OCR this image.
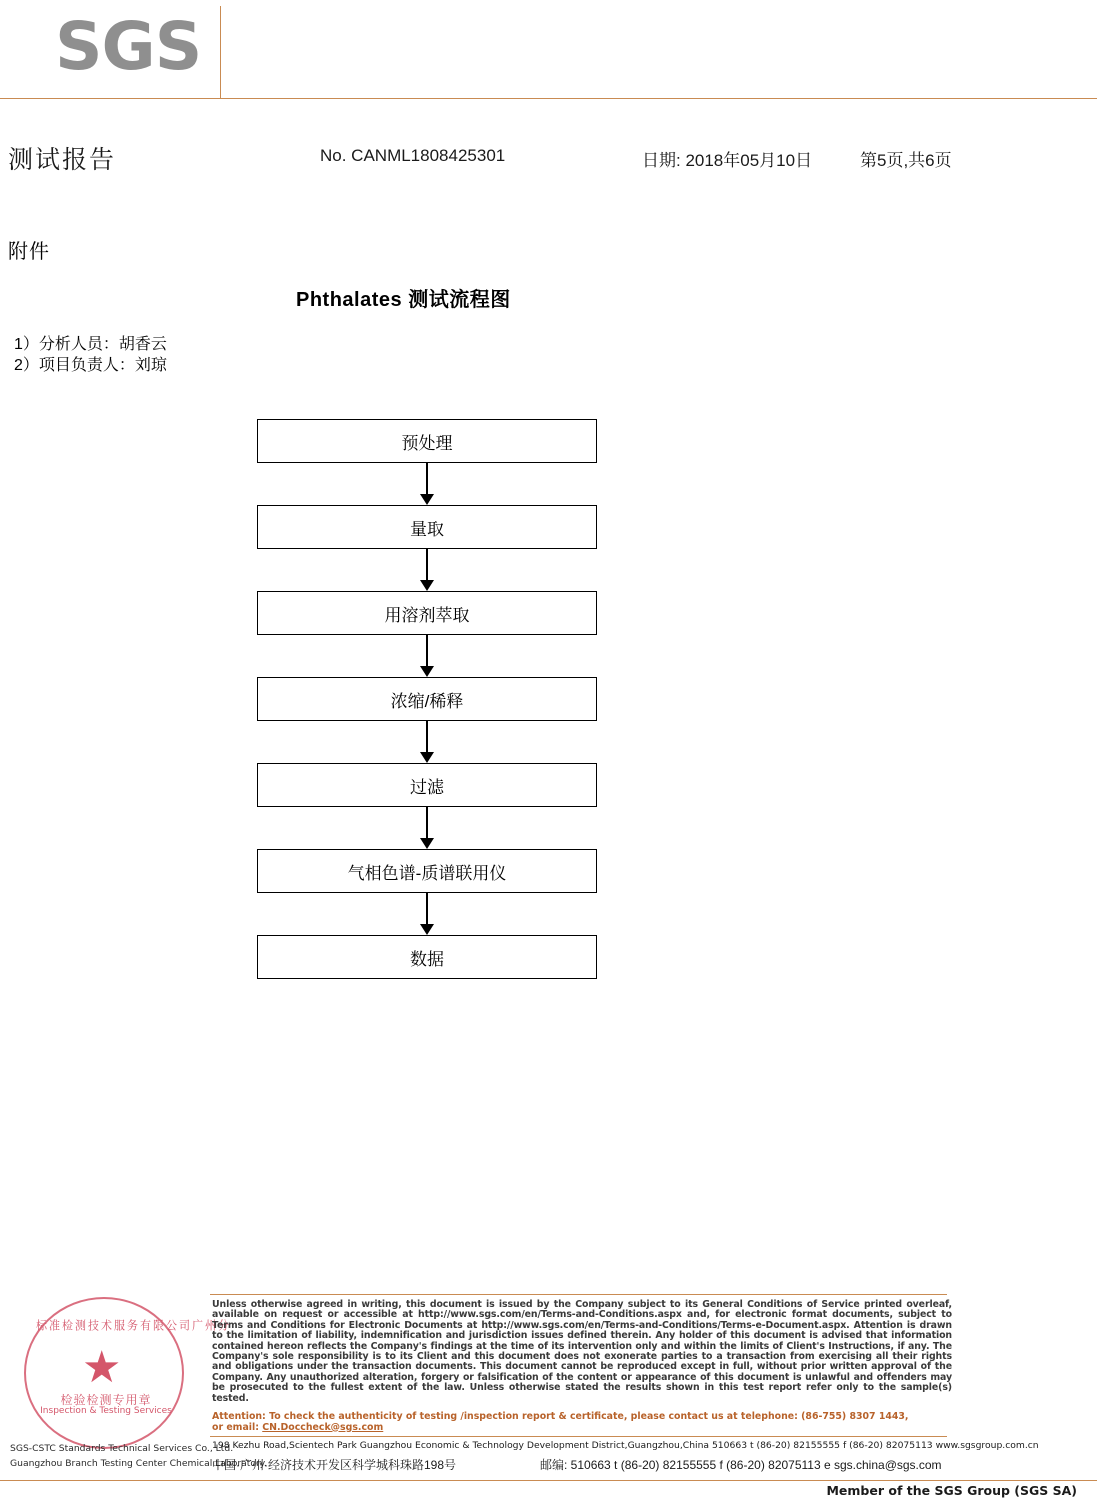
SGS
测试报告	No. CANML1808425301	日期: 2018年05月10日	第5页,共6页
附件
Phthalates 测试流程图
1）分析人员：胡香云
2）项目负责人：刘琼
预处理
量取
用溶剂萃取
浓缩/稀释
过滤
气相色谱-质谱联用仪
数据
标准检测技术服务有限公司广州分
★
检验检测专用章
Inspection & Testing Services
SGS-CSTC Standards Technical Services Co., Ltd.
Guangzhou Branch Testing Center Chemical Laboratory.
Unless otherwise agreed in writing, this document is issued by the Company subject to its General Conditions of Service printed overleaf, available on request or accessible at http://www.sgs.com/en/Terms-and-Conditions.aspx and, for electronic format documents, subject to Terms and Conditions for Electronic Documents at http://www.sgs.com/en/Terms-and-Conditions/Terms-e-Document.aspx. Attention is drawn to the limitation of liability, indemnification and jurisdiction issues defined therein. Any holder of this document is advised that information contained hereon reflects the Company's findings at the time of its intervention only and within the limits of Client's Instructions, if any. The Company's sole responsibility is to its Client and this document does not exonerate parties to a transaction from exercising all their rights and obligations under the transaction documents. This document cannot be reproduced except in full, without prior written approval of the Company. Any unauthorized alteration, forgery or falsification of the content or appearance of this document is unlawful and offenders may be prosecuted to the fullest extent of the law. Unless otherwise stated the results shown in this test report refer only to the sample(s) tested.
Attention: To check the authenticity of testing /inspection report & certificate, please contact us at telephone: (86-755) 8307 1443,
or email: CN.Doccheck@sgs.com
198 Kezhu Road,Scientech Park Guangzhou Economic & Technology Development District,Guangzhou,China 510663 t (86-20) 82155555 f (86-20) 82075113 www.sgsgroup.com.cn
中国·广州·经济技术开发区科学城科珠路198号	邮编: 510663 t (86-20) 82155555 f (86-20) 82075113 e sgs.china@sgs.com
Member of the SGS Group (SGS SA)
